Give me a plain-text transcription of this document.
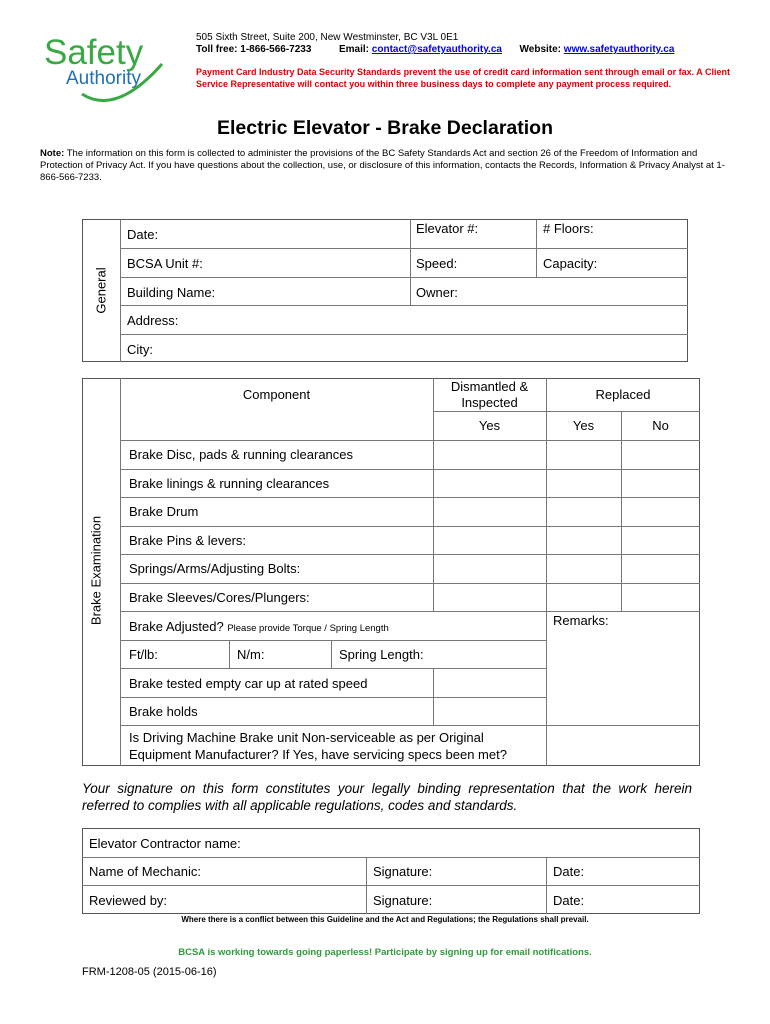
Safety
Authority
505 Sixth Street, Suite 200, New Westminster, BC V3L 0E1
Toll free: 1-866-566-7233	Email: contact@safetyauthority.ca Website: www.safetyauthority.ca
Payment Card Industry Data Security Standards prevent the use of credit card information sent through email or fax. A Client Service Representative will contact you within three business days to complete any payment process required.
Electric Elevator - Brake Declaration
Note: The information on this form is collected to administer the provisions of the BC Safety Standards Act and section 26 of the Freedom of Information and Protection of Privacy Act. If you have questions about the collection, use, or disclosure of this information, contacts the Records, Information & Privacy Analyst at 1-866-566-7233.
General
Date:	Elevator #:	# Floors:
BCSA Unit #:	Speed:	Capacity:
Building Name:	Owner:
Address:
City:
Brake Examination
Component
Dismantled & Inspected
Replaced
Yes	Yes	No
Brake Disc, pads & running clearances
Brake linings & running clearances
Brake Drum
Brake Pins & levers:
Springs/Arms/Adjusting Bolts:
Brake Sleeves/Cores/Plungers:
Brake Adjusted? Please provide Torque / Spring Length
Remarks:
Ft/lb:	N/m:	Spring Length:
Brake tested empty car up at rated speed
Brake holds
Is Driving Machine Brake unit Non-serviceable as per Original Equipment Manufacturer? If Yes, have servicing specs been met?
Your signature on this form constitutes your legally binding representation that the work herein referred to complies with all applicable regulations, codes and standards.
Elevator Contractor name:
Name of Mechanic:	Signature:	Date:
Reviewed by:	Signature:	Date:
Where there is a conflict between this Guideline and the Act and Regulations; the Regulations shall prevail.
BCSA is working towards going paperless! Participate by signing up for email notifications.
FRM-1208-05 (2015-06-16)
